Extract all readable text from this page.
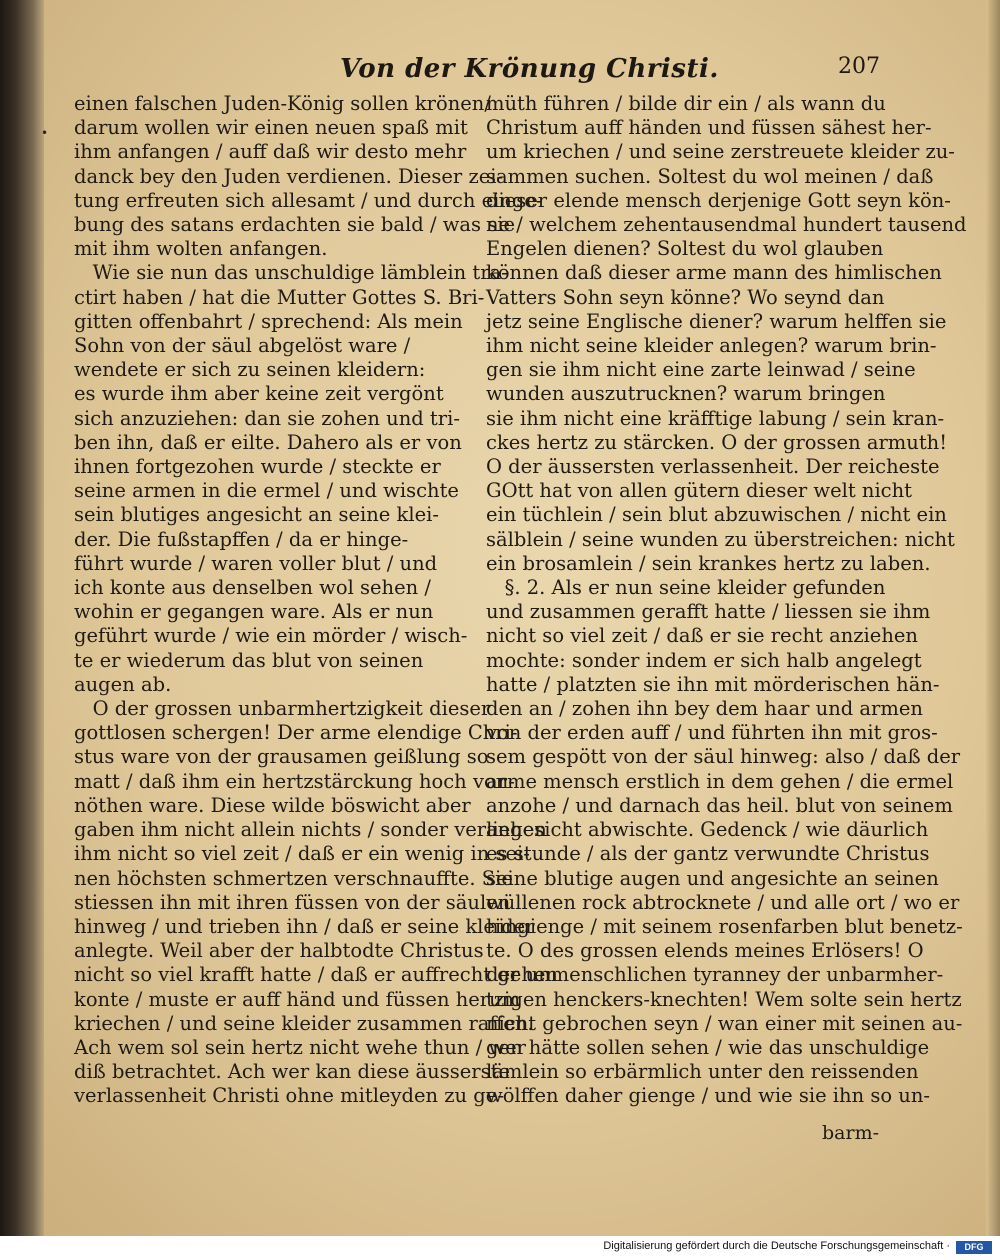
•
Von der Krönung Christi.	207
einen falschen Juden-König sollen krönen/
darum wollen wir einen neuen spaß mit
ihm anfangen / auff daß wir desto mehr
danck bey den Juden verdienen. Dieser zei-
tung erfreuten sich allesamt / und durch einge-
bung des satans erdachten sie bald / was sie
mit ihm wolten anfangen.
Wie sie nun das unschuldige lämblein tra-
ctirt haben / hat die Mutter Gottes S. Bri-
gitten offenbahrt / sprechend: Als mein
Sohn von der säul abgelöst ware /
wendete er sich zu seinen kleidern:
es wurde ihm aber keine zeit vergönt
sich anzuziehen: dan sie zohen und tri-
ben ihn, daß er eilte. Dahero als er von
ihnen fortgezohen wurde / steckte er
seine armen in die ermel / und wischte
sein blutiges angesicht an seine klei-
der. Die fußstapffen / da er hinge-
führt wurde / waren voller blut / und
ich konte aus denselben wol sehen /
wohin er gegangen ware. Als er nun
geführt wurde / wie ein mörder / wisch-
te er wiederum das blut von seinen
augen ab.
O der grossen unbarmhertzigkeit dieser
gottlosen schergen! Der arme elendige Chri-
stus ware von der grausamen geißlung so
matt / daß ihm ein hertzstärckung hoch von-
nöthen ware. Diese wilde böswicht aber
gaben ihm nicht allein nichts / sonder verliehen
ihm nicht so viel zeit / daß er ein wenig in sei-
nen höchsten schmertzen verschnauffte. Sie
stiessen ihn mit ihren füssen von der säulen
hinweg / und trieben ihn / daß er seine kleider
anlegte. Weil aber der halbtodte Christus
nicht so viel krafft hatte / daß er auffrecht gehen
konte / muste er auff händ und füssen herum
kriechen / und seine kleider zusammen raffen.
Ach wem sol sein hertz nicht wehe thun / wer
diß betrachtet. Ach wer kan diese äusserste
verlassenheit Christi ohne mitleyden zu ge-
müth führen / bilde dir ein / als wann du
Christum auff händen und füssen sähest her-
um kriechen / und seine zerstreuete kleider zu-
sammen suchen. Soltest du wol meinen / daß
dieser elende mensch derjenige Gott seyn kön-
ne / welchem zehentausendmal hundert tausend
Engelen dienen? Soltest du wol glauben
können daß dieser arme mann des himlischen
Vatters Sohn seyn könne? Wo seynd dan
jetz seine Englische diener? warum helffen sie
ihm nicht seine kleider anlegen? warum brin-
gen sie ihm nicht eine zarte leinwad / seine
wunden auszutrucknen? warum bringen
sie ihm nicht eine kräfftige labung / sein kran-
ckes hertz zu stärcken. O der grossen armuth!
O der äussersten verlassenheit. Der reicheste
GOtt hat von allen gütern dieser welt nicht
ein tüchlein / sein blut abzuwischen / nicht ein
sälblein / seine wunden zu überstreichen: nicht
ein brosamlein / sein krankes hertz zu laben.
§. 2. Als er nun seine kleider gefunden
und zusammen gerafft hatte / liessen sie ihm
nicht so viel zeit / daß er sie recht anziehen
mochte: sonder indem er sich halb angelegt
hatte / platzten sie ihn mit mörderischen hän-
den an / zohen ihn bey dem haar und armen
von der erden auff / und führten ihn mit gros-
sem gespött von der säul hinweg: also / daß der
arme mensch erstlich in dem gehen / die ermel
anzohe / und darnach das heil. blut von seinem
angesicht abwischte. Gedenck / wie däurlich
es stunde / als der gantz verwundte Christus
seine blutige augen und angesichte an seinen
wüllenen rock abtrocknete / und alle ort / wo er
hingienge / mit seinem rosenfarben blut benetz-
te. O des grossen elends meines Erlösers! O
der unmenschlichen tyranney der unbarmher-
tzigen henckers-knechten! Wem solte sein hertz
nicht gebrochen seyn / wan einer mit seinen au-
gen hätte sollen sehen / wie das unschuldige
lämlein so erbärmlich unter den reissenden
wölffen daher gienge / und wie sie ihn so un-
barm-
Digitalisierung gefördert durch die Deutsche Forschungsgemeinschaft ·	DFG
